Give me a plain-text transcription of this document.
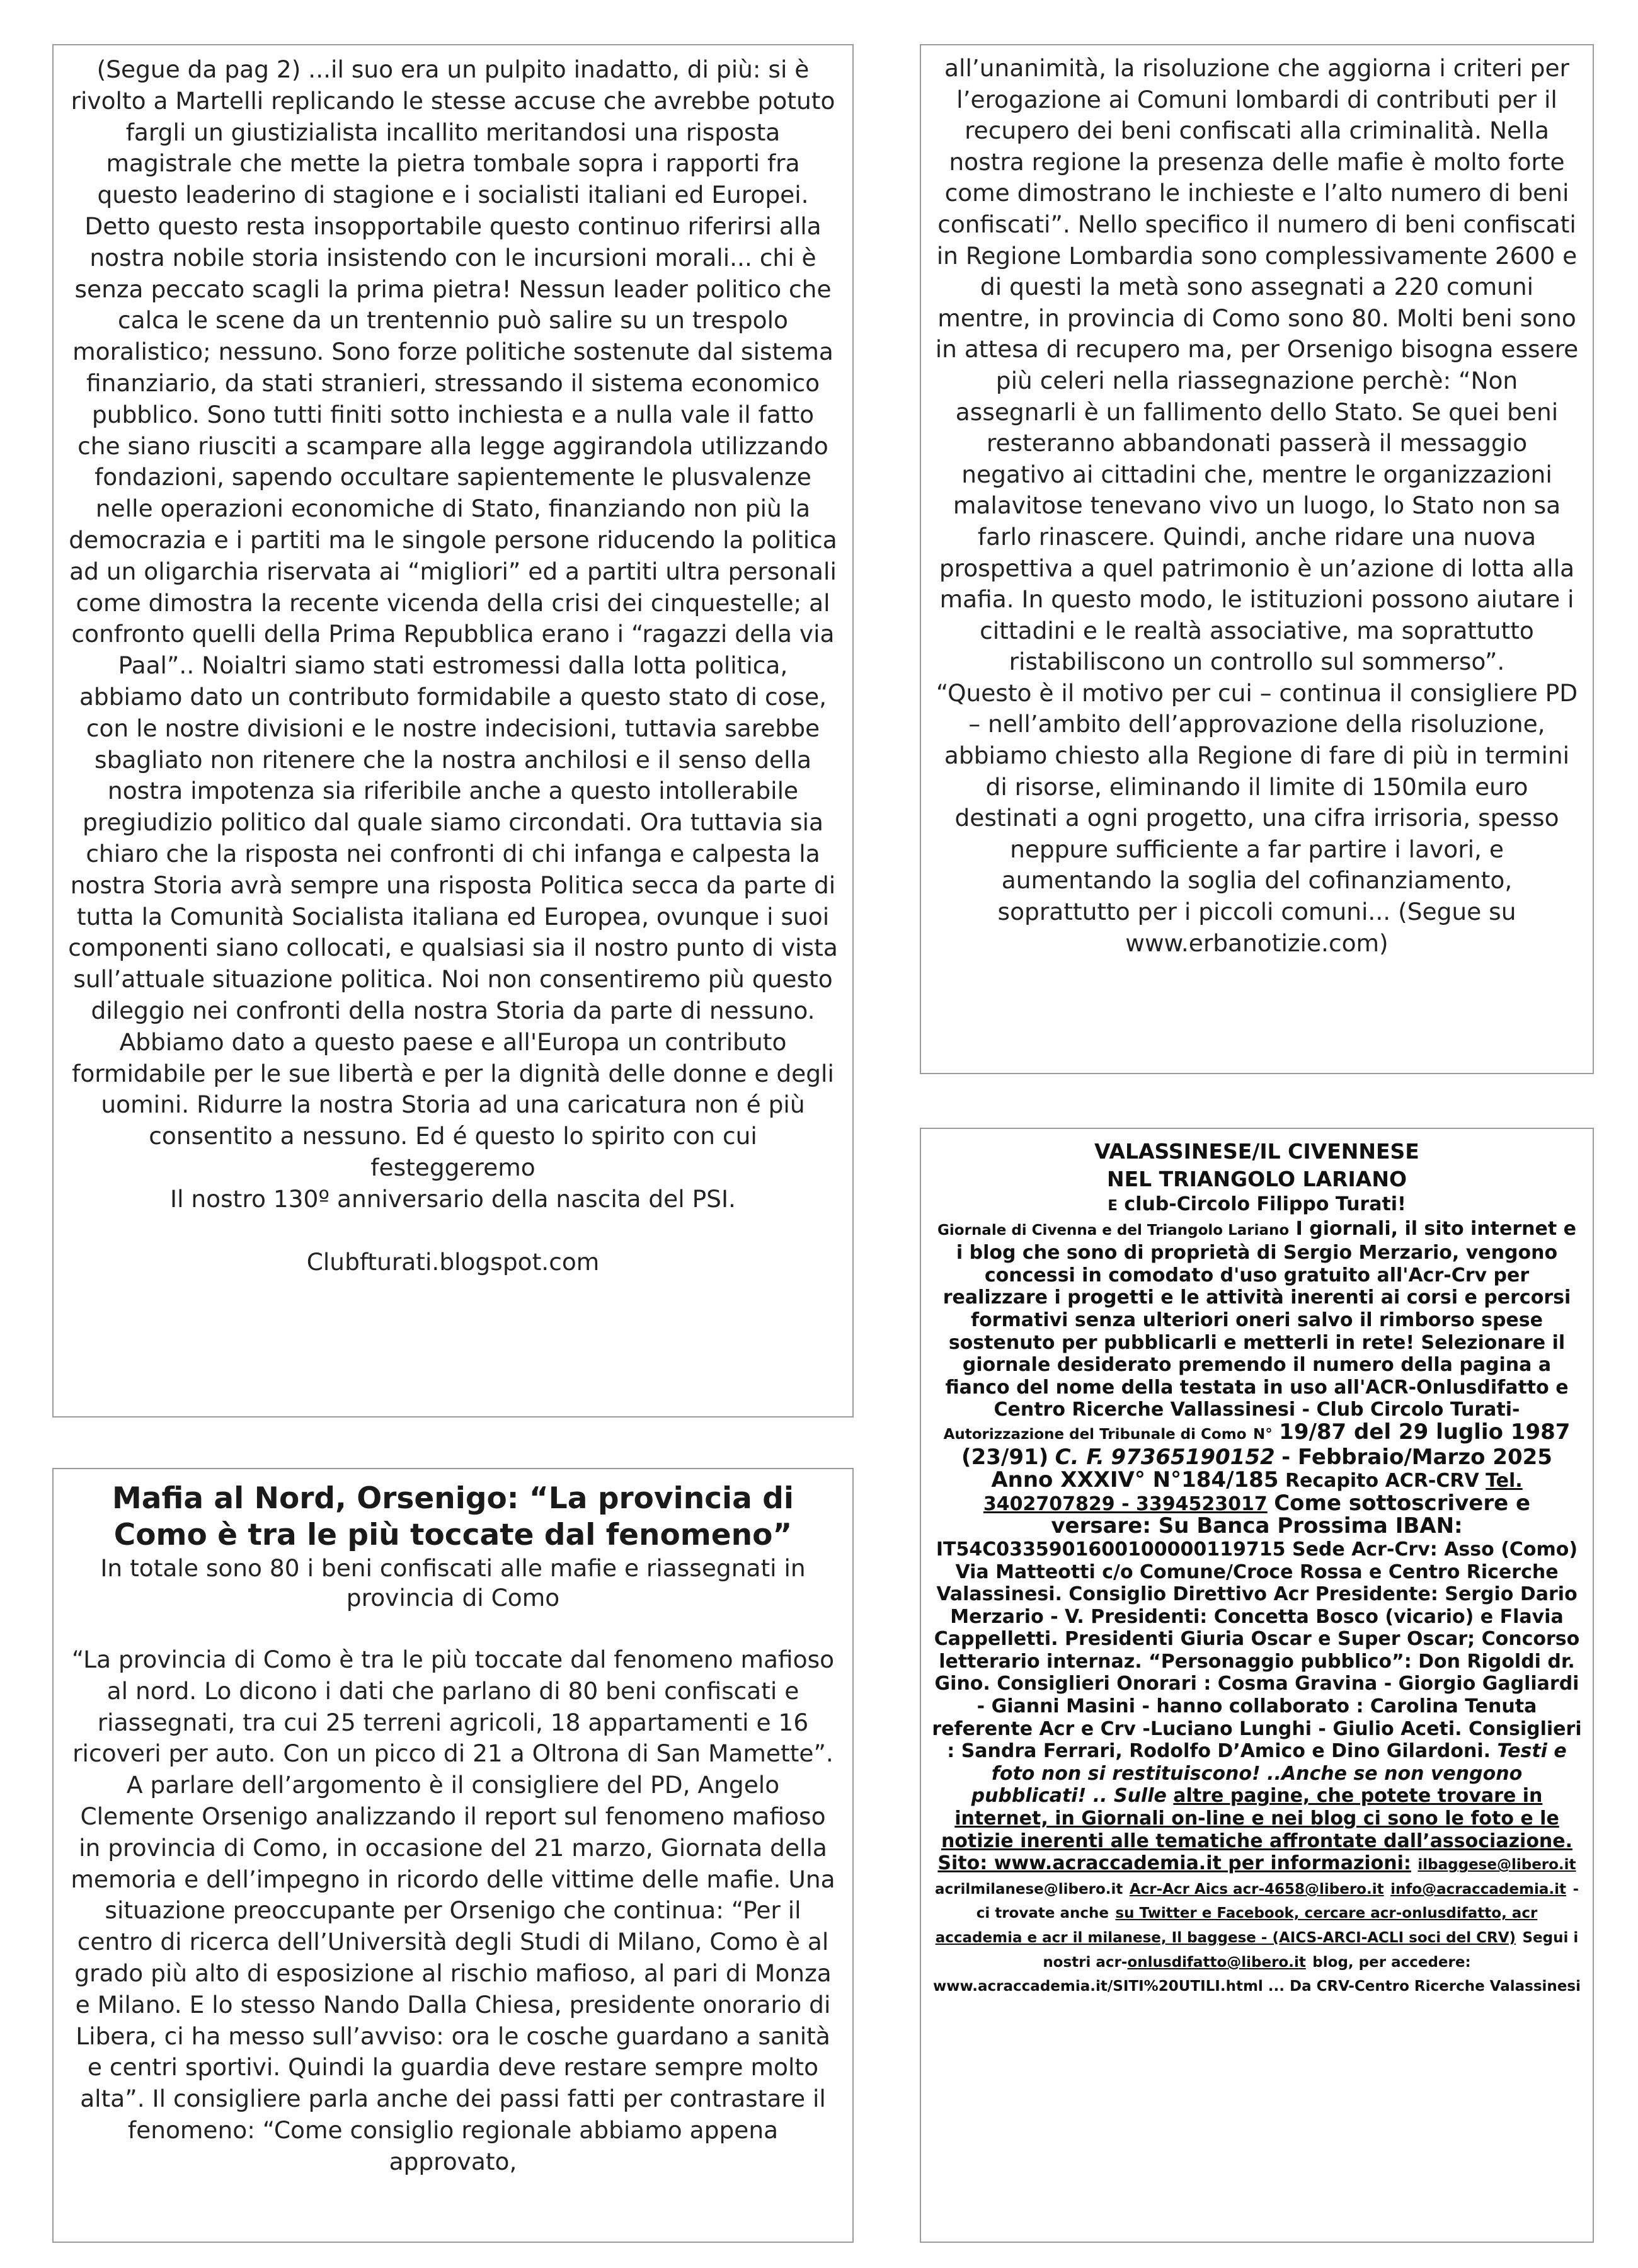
(Segue da pag 2) ...il suo era un pulpito inadatto, di più: si è rivolto a Martelli replicando le stesse accuse che avrebbe potuto fargli un giustizialista incallito meritandosi una risposta magistrale che mette la pietra tombale sopra i rapporti fra questo leaderino di stagione e i socialisti italiani ed Europei. Detto questo resta insopportabile questo continuo riferirsi alla nostra nobile storia insistendo con le incursioni morali... chi è senza peccato scagli la prima pietra! Nessun leader politico che calca le scene da un trentennio può salire su un trespolo moralistico; nessuno. Sono forze politiche sostenute dal sistema finanziario, da stati stranieri, stressando il sistema economico pubblico. Sono tutti finiti sotto inchiesta e a nulla vale il fatto che siano riusciti a scampare alla legge aggirandola utilizzando fondazioni, sapendo occultare sapientemente le plusvalenze nelle operazioni economiche di Stato, finanziando non più la democrazia e i partiti ma le singole persone riducendo la politica ad un oligarchia riservata ai “migliori” ed a partiti ultra personali come dimostra la recente vicenda della crisi dei cinquestelle; al confronto quelli della Prima Repubblica erano i “ragazzi della via Paal”.. Noialtri siamo stati estromessi dalla lotta politica, abbiamo dato un contributo formidabile a questo stato di cose, con le nostre divisioni e le nostre indecisioni, tuttavia sarebbe sbagliato non ritenere che la nostra anchilosi e il senso della nostra impotenza sia riferibile anche a questo intollerabile pregiudizio politico dal quale siamo circondati. Ora tuttavia sia chiaro che la risposta nei confronti di chi infanga e calpesta la nostra Storia avrà sempre una risposta Politica secca da parte di tutta la Comunità Socialista italiana ed Europea, ovunque i suoi componenti siano collocati, e qualsiasi sia il nostro punto di vista sull’attuale situazione politica. Noi non consentiremo più questo dileggio nei confronti della nostra Storia da parte di nessuno. Abbiamo dato a questo paese e all'Europa un contributo formidabile per le sue libertà e per la dignità delle donne e degli uomini. Ridurre la nostra Storia ad una caricatura non é più consentito a nessuno. Ed é questo lo spirito con cui festeggeremo

Il nostro 130º anniversario della nascita del PSI.

Clubfturati.blogspot.com

all’unanimità, la risoluzione che aggiorna i criteri per l’erogazione ai Comuni lombardi di contributi per il recupero dei beni confiscati alla criminalità. Nella nostra regione la presenza delle mafie è molto forte come dimostrano le inchieste e l’alto numero di beni confiscati”. Nello specifico il numero di beni confiscati in Regione Lombardia sono complessivamente 2600 e di questi la metà sono assegnati a 220 comuni mentre, in provincia di Como sono 80. Molti beni sono in attesa di recupero ma, per Orsenigo bisogna essere più celeri nella riassegnazione perchè: “Non assegnarli è un fallimento dello Stato. Se quei beni resteranno abbandonati passerà il messaggio negativo ai cittadini che, mentre le organizzazioni malavitose tenevano vivo un luogo, lo Stato non sa farlo rinascere. Quindi, anche ridare una nuova prospettiva a quel patrimonio è un’azione di lotta alla mafia. In questo modo, le istituzioni possono aiutare i cittadini e le realtà associative, ma soprattutto ristabiliscono un controllo sul sommerso”.

“Questo è il motivo per cui – continua il consigliere PD – nell’ambito dell’approvazione della risoluzione, abbiamo chiesto alla Regione di fare di più in termini di risorse, eliminando il limite di 150mila euro destinati a ogni progetto, una cifra irrisoria, spesso neppure sufficiente a far partire i lavori, e aumentando la soglia del cofinanziamento, soprattutto per i piccoli comuni... (Segue su www.erbanotizie.com)

Mafia al Nord, Orsenigo: “La provincia di Como è tra le più toccate dal fenomeno”

In totale sono 80 i beni confiscati alle mafie e riassegnati in provincia di Como

“La provincia di Como è tra le più toccate dal fenomeno mafioso al nord. Lo dicono i dati che parlano di 80 beni confiscati e riassegnati, tra cui 25 terreni agricoli, 18 appartamenti e 16 ricoveri per auto. Con un picco di 21 a Oltrona di San Mamette”. A parlare dell’argomento è il consigliere del PD, Angelo Clemente Orsenigo analizzando il report sul fenomeno mafioso in provincia di Como, in occasione del 21 marzo, Giornata della memoria e dell’impegno in ricordo delle vittime delle mafie. Una situazione preoccupante per Orsenigo che continua: “Per il centro di ricerca dell’Università degli Studi di Milano, Como è al grado più alto di esposizione al rischio mafioso, al pari di Monza e Milano. E lo stesso Nando Dalla Chiesa, presidente onorario di Libera, ci ha messo sull’avviso: ora le cosche guardano a sanità e centri sportivi. Quindi la guardia deve restare sempre molto alta”. Il consigliere parla anche dei passi fatti per contrastare il fenomeno: “Come consiglio regionale abbiamo appena approvato,

VALASSINESE/IL CIVENNESE
NEL TRIANGOLO LARIANO
E club-Circolo Filippo Turati!
Giornale di Civenna e del Triangolo Lariano I giornali, il sito internet e i blog che sono di proprietà di Sergio Merzario, vengono concessi in comodato d'uso gratuito all'Acr-Crv per realizzare i progetti e le attività inerenti ai corsi e percorsi formativi senza ulteriori oneri salvo il rimborso spese sostenuto per pubblicarli e metterli in rete! Selezionare il giornale desiderato premendo il numero della pagina a fianco del nome della testata in uso all'ACR-Onlusdifatto e Centro Ricerche Vallassinesi - Club Circolo Turati- Autorizzazione del Tribunale di Como N° 19/87 del 29 luglio 1987 (23/91) C. F. 97365190152 - Febbraio/Marzo 2025 Anno XXXIV° N°184/185 Recapito ACR-CRV Tel. 3402707829 - 3394523017 Come sottoscrivere e versare: Su Banca Prossima IBAN: IT54C0335901600100000119715 Sede Acr-Crv: Asso (Como) Via Matteotti c/o Comune/Croce Rossa e Centro Ricerche Valassinesi. Consiglio Direttivo Acr Presidente: Sergio Dario Merzario - V. Presidenti: Concetta Bosco (vicario) e Flavia Cappelletti. Presidenti Giuria Oscar e Super Oscar; Concorso letterario internaz. “Personaggio pubblico”: Don Rigoldi dr. Gino. Consiglieri Onorari : Cosma Gravina - Giorgio Gagliardi - Gianni Masini - hanno collaborato : Carolina Tenuta referente Acr e Crv -Luciano Lunghi - Giulio Aceti. Consiglieri : Sandra Ferrari, Rodolfo D’Amico e Dino Gilardoni. Testi e foto non si restituiscono! ..Anche se non vengono pubblicati! .. Sulle altre pagine, che potete trovare in internet, in Giornali on-line e nei blog ci sono le foto e le notizie inerenti alle tematiche affrontate dall’associazione. Sito: www.acraccademia.it per informazioni: ilbaggese@libero.it acrilmilanese@libero.it Acr-Acr Aics acr-4658@libero.it info@acraccademia.it -ci trovate anche su Twitter e Facebook, cercare acr-onlusdifatto, acr accademia e acr il milanese, Il baggese - (AICS-ARCI-ACLI soci del CRV) Segui i nostri acr-onlusdifatto@libero.it blog, per accedere: www.acraccademia.it/SITI%20UTILI.html ... Da CRV-Centro Ricerche Valassinesi
